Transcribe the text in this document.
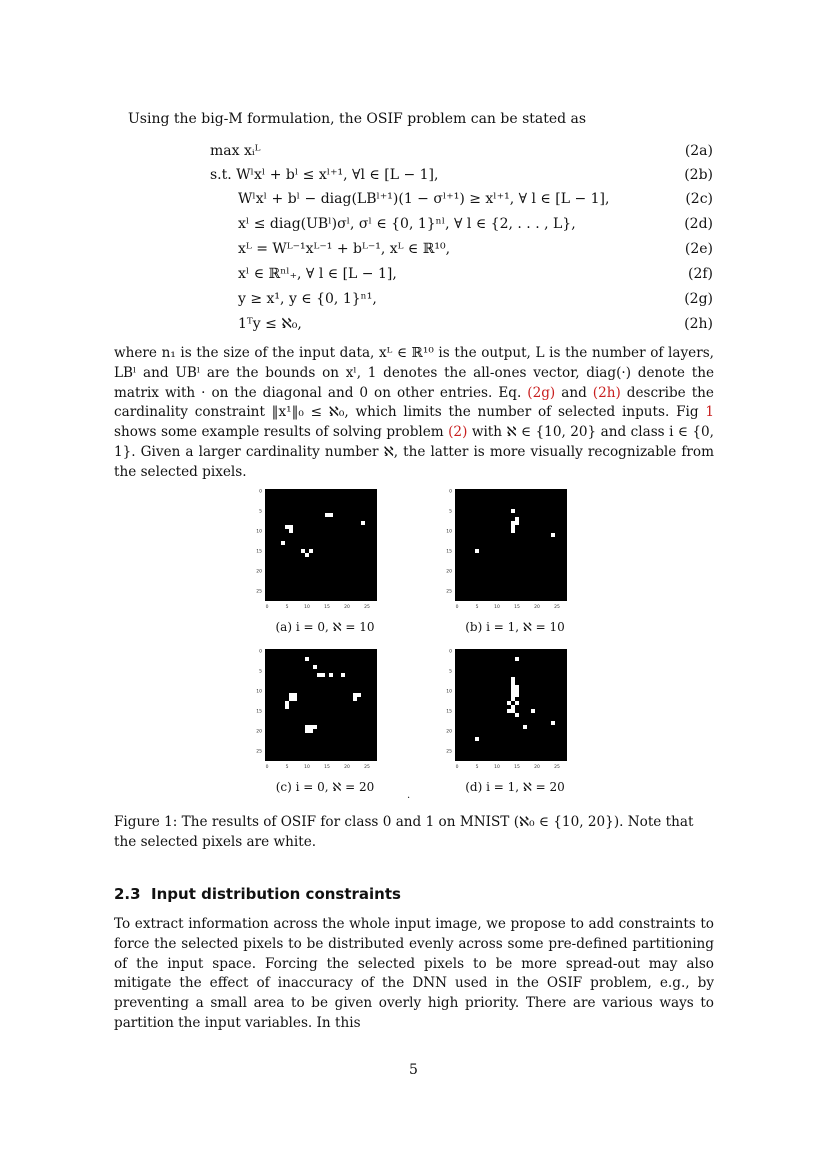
Using the big-M formulation, the OSIF problem can be stated as
max xᵢᴸ	(2a)
s.t. Wˡxˡ + bˡ ≤ xˡ⁺¹, ∀l ∈ [L − 1],	(2b)
Wˡxˡ + bˡ − diag(LBˡ⁺¹)(1 − σˡ⁺¹) ≥ xˡ⁺¹, ∀ l ∈ [L − 1],	(2c)
xˡ ≤ diag(UBˡ)σˡ, σˡ ∈ {0, 1}ⁿˡ, ∀ l ∈ {2, . . . , L},	(2d)
xᴸ = Wᴸ⁻¹xᴸ⁻¹ + bᴸ⁻¹, xᴸ ∈ ℝ¹⁰,	(2e)
xˡ ∈ ℝⁿˡ₊, ∀ l ∈ [L − 1],	(2f)
y ≥ x¹, y ∈ {0, 1}ⁿ¹,	(2g)
1ᵀy ≤ ℵ₀,	(2h)
where n₁ is the size of the input data, xᴸ ∈ ℝ¹⁰ is the output, L is the number of layers, LBˡ and UBˡ are the bounds on xˡ, 1 denotes the all-ones vector, diag(·) denote the matrix with · on the diagonal and 0 on other entries. Eq. (2g) and (2h) describe the cardinality constraint ‖x¹‖₀ ≤ ℵ₀, which limits the number of selected inputs. Fig 1 shows some example results of solving problem (2) with ℵ ∈ {10, 20} and class i ∈ {0, 1}. Given a larger cardinality number ℵ, the latter is more visually recognizable from the selected pixels.
0
0
5
5
10
10
15
15
20
20
25
25
0
0
5
5
10
10
15
15
20
20
25
25
0
0
5
5
10
10
15
15
20
20
25
25
0
0
5
5
10
10
15
15
20
20
25
25
(a) i = 0, ℵ = 10	(b) i = 1, ℵ = 10
(c) i = 0, ℵ = 20	(d) i = 1, ℵ = 20
.
Figure 1: The results of OSIF for class 0 and 1 on MNIST (ℵ₀ ∈ {10, 20}). Note that the selected pixels are white.
2.3 Input distribution constraints
To extract information across the whole input image, we propose to add constraints to force the selected pixels to be distributed evenly across some pre-defined partitioning of the input space. Forcing the selected pixels to be more spread-out may also mitigate the effect of inaccuracy of the DNN used in the OSIF problem, e.g., by preventing a small area to be given overly high priority. There are various ways to partition the input variables. In this
5
